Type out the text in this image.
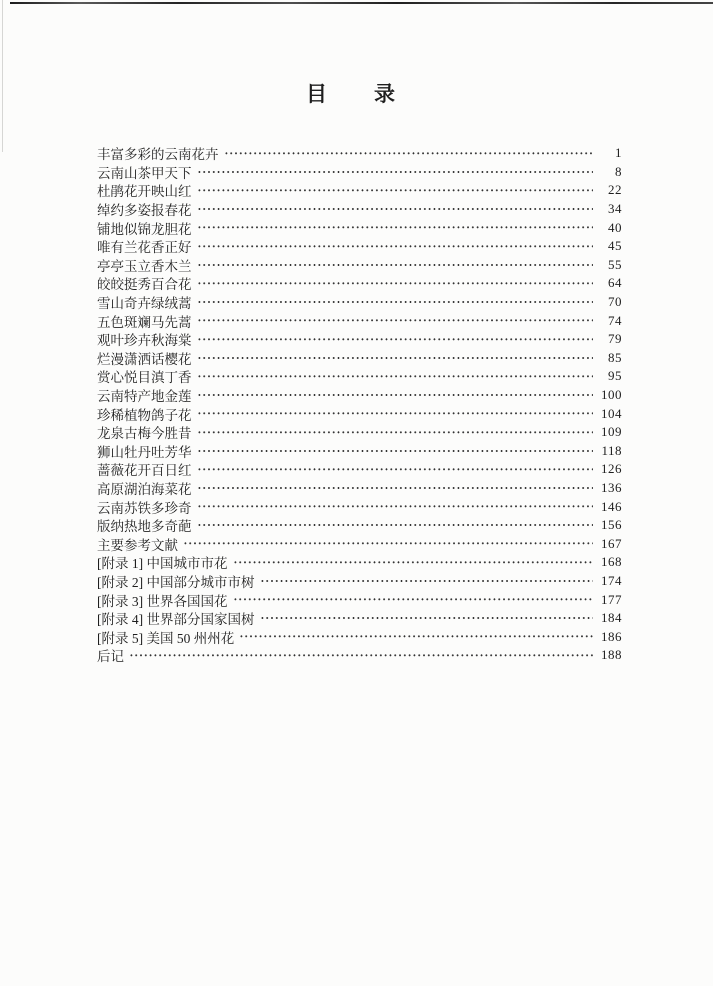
目 录
丰富多彩的云南花卉	1
云南山茶甲天下	8
杜鹃花开映山红	22
绰约多姿报春花	34
铺地似锦龙胆花	40
唯有兰花香正好	45
亭亭玉立香木兰	55
皎皎挺秀百合花	64
雪山奇卉绿绒蒿	70
五色斑斓马先蒿	74
观叶珍卉秋海棠	79
烂漫潇洒话樱花	85
赏心悦目滇丁香	95
云南特产地金莲	100
珍稀植物鸽子花	104
龙泉古梅今胜昔	109
狮山牡丹吐芳华	118
蔷薇花开百日红	126
高原湖泊海菜花	136
云南苏铁多珍奇	146
版纳热地多奇葩	156
主要参考文献	167
[附录 1] 中国城市市花	168
[附录 2] 中国部分城市市树	174
[附录 3] 世界各国国花	177
[附录 4] 世界部分国家国树	184
[附录 5] 美国 50 州州花	186
后记	188
